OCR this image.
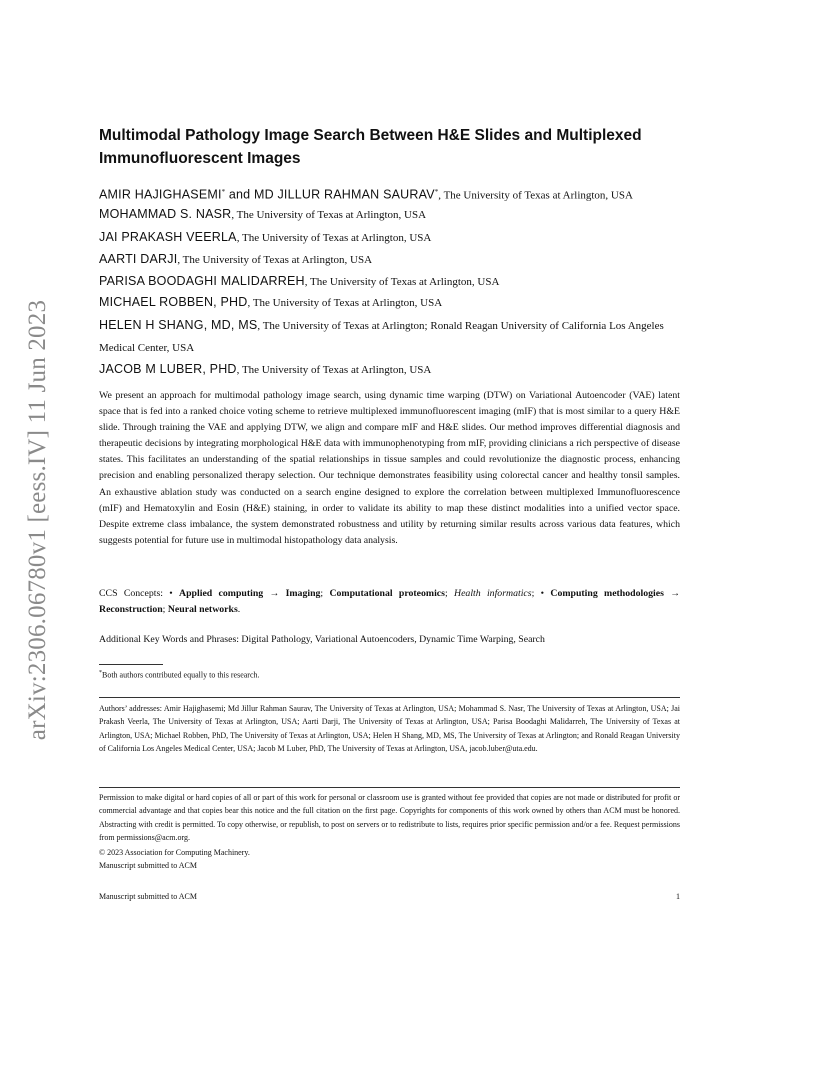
arXiv:2306.06780v1 [eess.IV] 11 Jun 2023
Multimodal Pathology Image Search Between H&E Slides and Multiplexed Immunofluorescent Images
AMIR HAJIGHASEMI* and MD JILLUR RAHMAN SAURAV*, The University of Texas at Arlington, USA
MOHAMMAD S. NASR, The University of Texas at Arlington, USA
JAI PRAKASH VEERLA, The University of Texas at Arlington, USA
AARTI DARJI, The University of Texas at Arlington, USA
PARISA BOODAGHI MALIDARREH, The University of Texas at Arlington, USA
MICHAEL ROBBEN, PHD, The University of Texas at Arlington, USA
HELEN H SHANG, MD, MS, The University of Texas at Arlington; Ronald Reagan University of California Los Angeles Medical Center, USA
JACOB M LUBER, PHD, The University of Texas at Arlington, USA
We present an approach for multimodal pathology image search, using dynamic time warping (DTW) on Variational Autoencoder (VAE) latent space that is fed into a ranked choice voting scheme to retrieve multiplexed immunofluorescent imaging (mIF) that is most similar to a query H&E slide. Through training the VAE and applying DTW, we align and compare mIF and H&E slides. Our method improves differential diagnosis and therapeutic decisions by integrating morphological H&E data with immunophenotyping from mIF, providing clinicians a rich perspective of disease states. This facilitates an understanding of the spatial relationships in tissue samples and could revolutionize the diagnostic process, enhancing precision and enabling personalized therapy selection. Our technique demonstrates feasibility using colorectal cancer and healthy tonsil samples. An exhaustive ablation study was conducted on a search engine designed to explore the correlation between multiplexed Immunofluorescence (mIF) and Hematoxylin and Eosin (H&E) staining, in order to validate its ability to map these distinct modalities into a unified vector space. Despite extreme class imbalance, the system demonstrated robustness and utility by returning similar results across various data features, which suggests potential for future use in multimodal histopathology data analysis.
CCS Concepts: • Applied computing → Imaging; Computational proteomics; Health informatics; • Computing methodologies → Reconstruction; Neural networks.
Additional Key Words and Phrases: Digital Pathology, Variational Autoencoders, Dynamic Time Warping, Search
*Both authors contributed equally to this research.
Authors’ addresses: Amir Hajighasemi; Md Jillur Rahman Saurav, The University of Texas at Arlington, USA; Mohammad S. Nasr, The University of Texas at Arlington, USA; Jai Prakash Veerla, The University of Texas at Arlington, USA; Aarti Darji, The University of Texas at Arlington, USA; Parisa Boodaghi Malidarreh, The University of Texas at Arlington, USA; Michael Robben, PhD, The University of Texas at Arlington, USA; Helen H Shang, MD, MS, The University of Texas at Arlington; and Ronald Reagan University of California Los Angeles Medical Center, USA; Jacob M Luber, PhD, The University of Texas at Arlington, USA, jacob.luber@uta.edu.
Permission to make digital or hard copies of all or part of this work for personal or classroom use is granted without fee provided that copies are not made or distributed for profit or commercial advantage and that copies bear this notice and the full citation on the first page. Copyrights for components of this work owned by others than ACM must be honored. Abstracting with credit is permitted. To copy otherwise, or republish, to post on servers or to redistribute to lists, requires prior specific permission and/or a fee. Request permissions from permissions@acm.org.
© 2023 Association for Computing Machinery.
Manuscript submitted to ACM
Manuscript submitted to ACM	1
